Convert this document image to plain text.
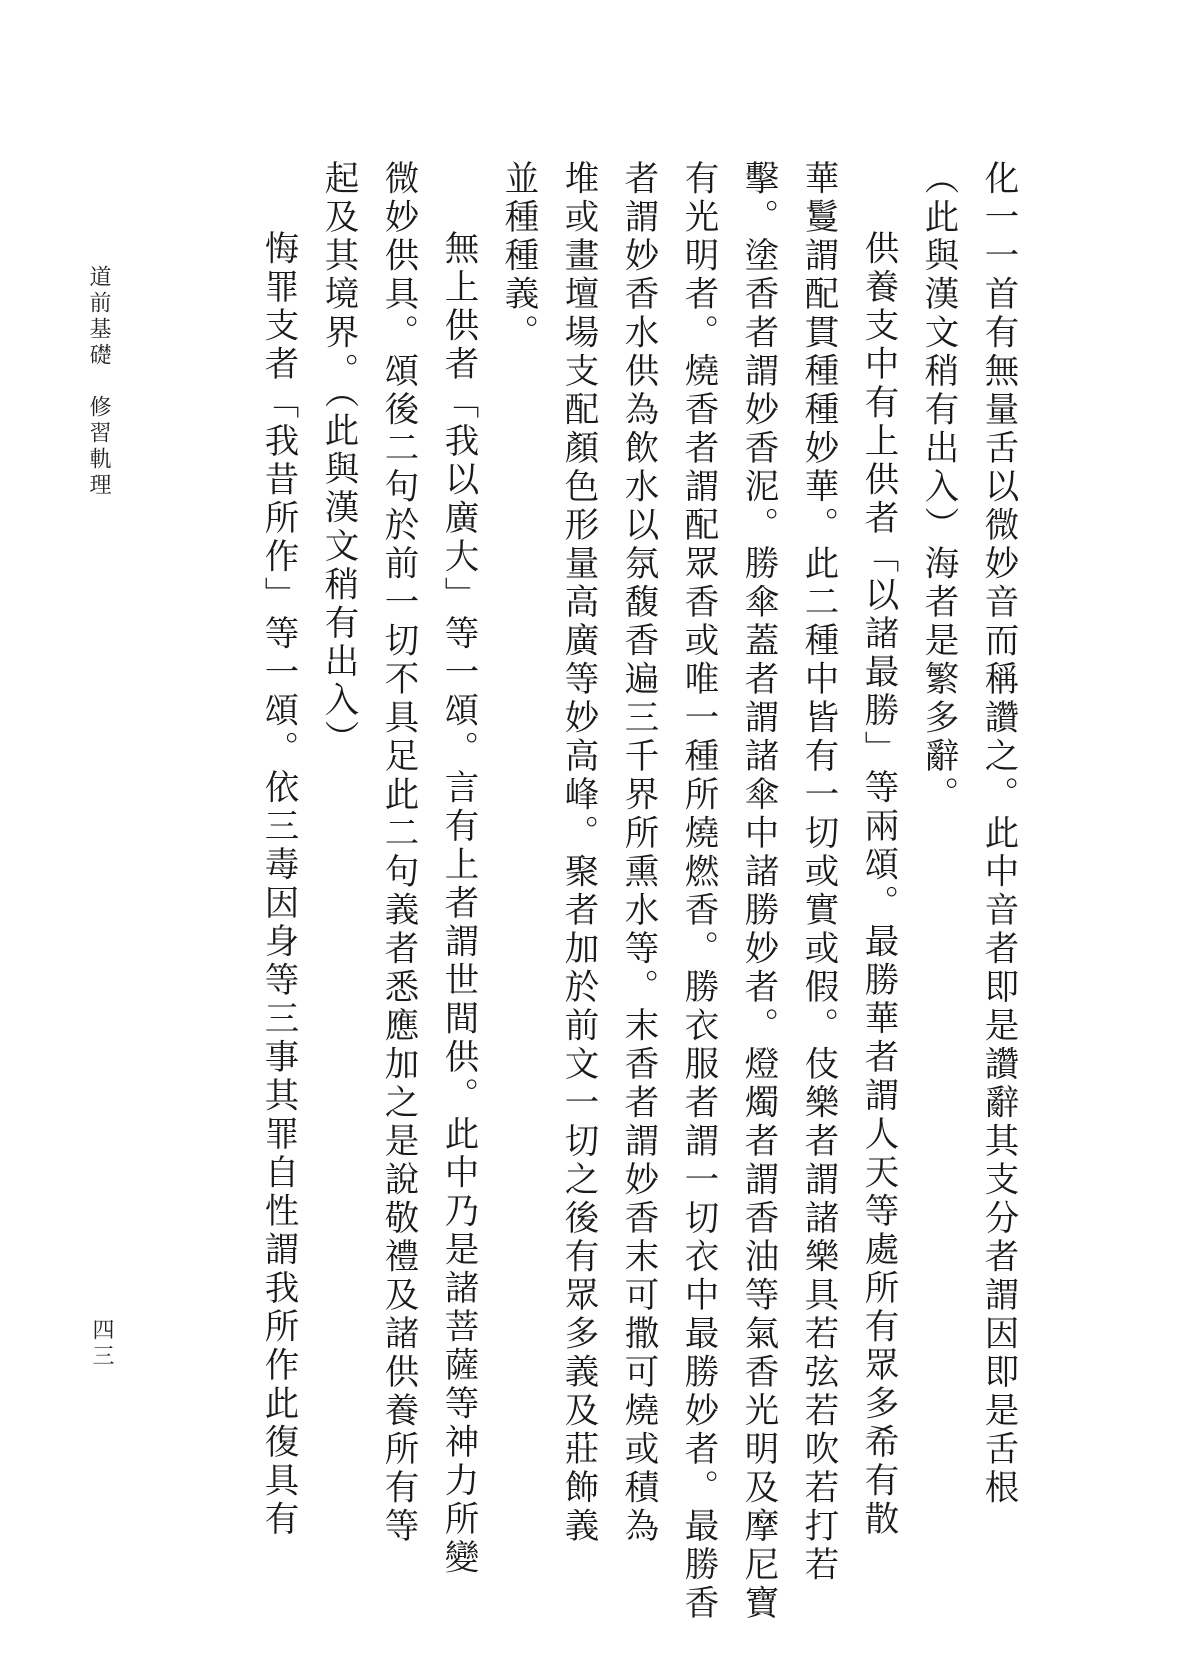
化一一首有無量舌以微妙音而稱讚之。此中音者即是讚辭其支分者謂因即是舌根
（此與漢文稍有出入）海者是繁多辭。
供養支中有上供者「以諸最勝」等兩頌。最勝華者謂人天等處所有眾多希有散
華鬘謂配貫種種妙華。此二種中皆有一切或實或假。伎樂者謂諸樂具若弦若吹若打若
擊。塗香者謂妙香泥。勝傘蓋者謂諸傘中諸勝妙者。燈燭者謂香油等氣香光明及摩尼寶
有光明者。燒香者謂配眾香或唯一種所燒燃香。勝衣服者謂一切衣中最勝妙者。最勝香
者謂妙香水供為飲水以氛馥香遍三千界所熏水等。末香者謂妙香末可撒可燒或積為
堆或畫壇場支配顏色形量高廣等妙高峰。聚者加於前文一切之後有眾多義及莊飾義
並種種義。
無上供者「我以廣大」等一頌。言有上者謂世間供。此中乃是諸菩薩等神力所變
微妙供具。頌後二句於前一切不具足此二句義者悉應加之是說敬禮及諸供養所有等
起及其境界。（此與漢文稍有出入）
悔罪支者「我昔所作」等一頌。依三毒因身等三事其罪自性謂我所作此復具有
道前基礎　修習軌理
四三
